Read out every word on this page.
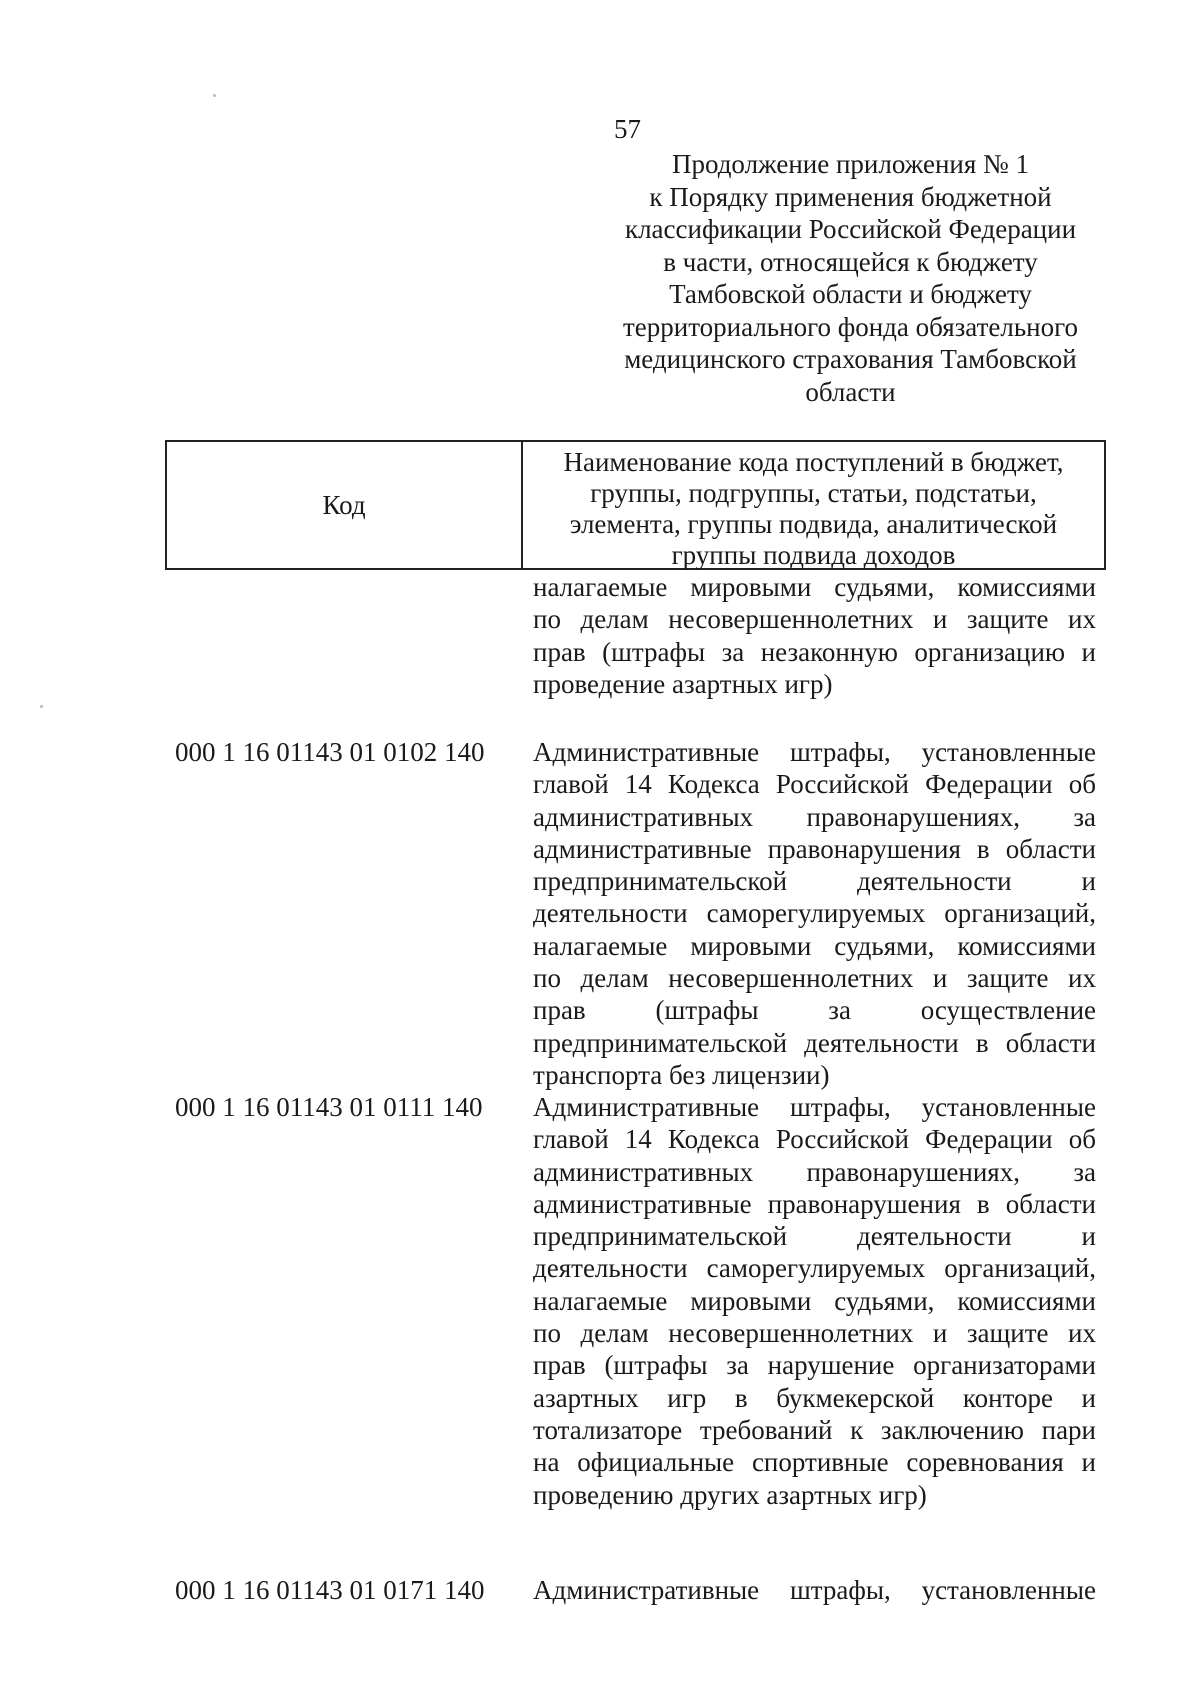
57
Продолжение приложения № 1
к Порядку применения бюджетной
классификации Российской Федерации
в части, относящейся к бюджету
Тамбовской области и бюджету
территориального фонда обязательного
медицинского страхования Тамбовской
области
Код
Наименование кода поступлений в бюджет,
группы, подгруппы, статьи, подстатьи,
элемента, группы подвида, аналитической
группы подвида доходов
налагаемые мировыми судьями, комиссиями
по делам несовершеннолетних и защите их
прав (штрафы за незаконную организацию и
проведение азартных игр)
000 1 16 01143 01 0102 140 Административные штрафы, установленные
главой 14 Кодекса Российской Федерации об
административных правонарушениях, за
административные правонарушения в области
предпринимательской деятельности и
деятельности саморегулируемых организаций,
налагаемые мировыми судьями, комиссиями
по делам несовершеннолетних и защите их
прав (штрафы за осуществление
предпринимательской деятельности в области
транспорта без лицензии)
000 1 16 01143 01 0111 140 Административные штрафы, установленные
главой 14 Кодекса Российской Федерации об
административных правонарушениях, за
административные правонарушения в области
предпринимательской деятельности и
деятельности саморегулируемых организаций,
налагаемые мировыми судьями, комиссиями
по делам несовершеннолетних и защите их
прав (штрафы за нарушение организаторами
азартных игр в букмекерской конторе и
тотализаторе требований к заключению пари
на официальные спортивные соревнования и
проведению других азартных игр)
000 1 16 01143 01 0171 140 Административные штрафы, установленные
